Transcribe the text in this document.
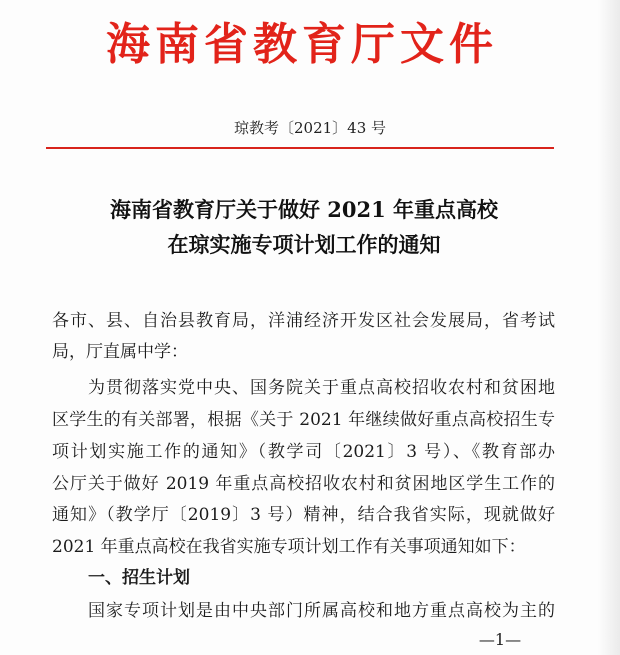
海南省教育厅文件
琼教考〔2021〕43 号
海南省教育厅关于做好 2021 年重点高校
在琼实施专项计划工作的通知
各市、县、自治县教育局，洋浦经济开发区社会发展局，省考试
局，厅直属中学：
为贯彻落实党中央、国务院关于重点高校招收农村和贫困地
区学生的有关部署，根据《关于 2021 年继续做好重点高校招生专
项计划实施工作的通知》（教学司〔2021〕3 号）、《教育部办
公厅关于做好 2019 年重点高校招收农村和贫困地区学生工作的
通知》（教学厅〔2019〕3 号）精神，结合我省实际，现就做好
2021 年重点高校在我省实施专项计划工作有关事项通知如下：
一、招生计划
国家专项计划是由中央部门所属高校和地方重点高校为主的
—1—
